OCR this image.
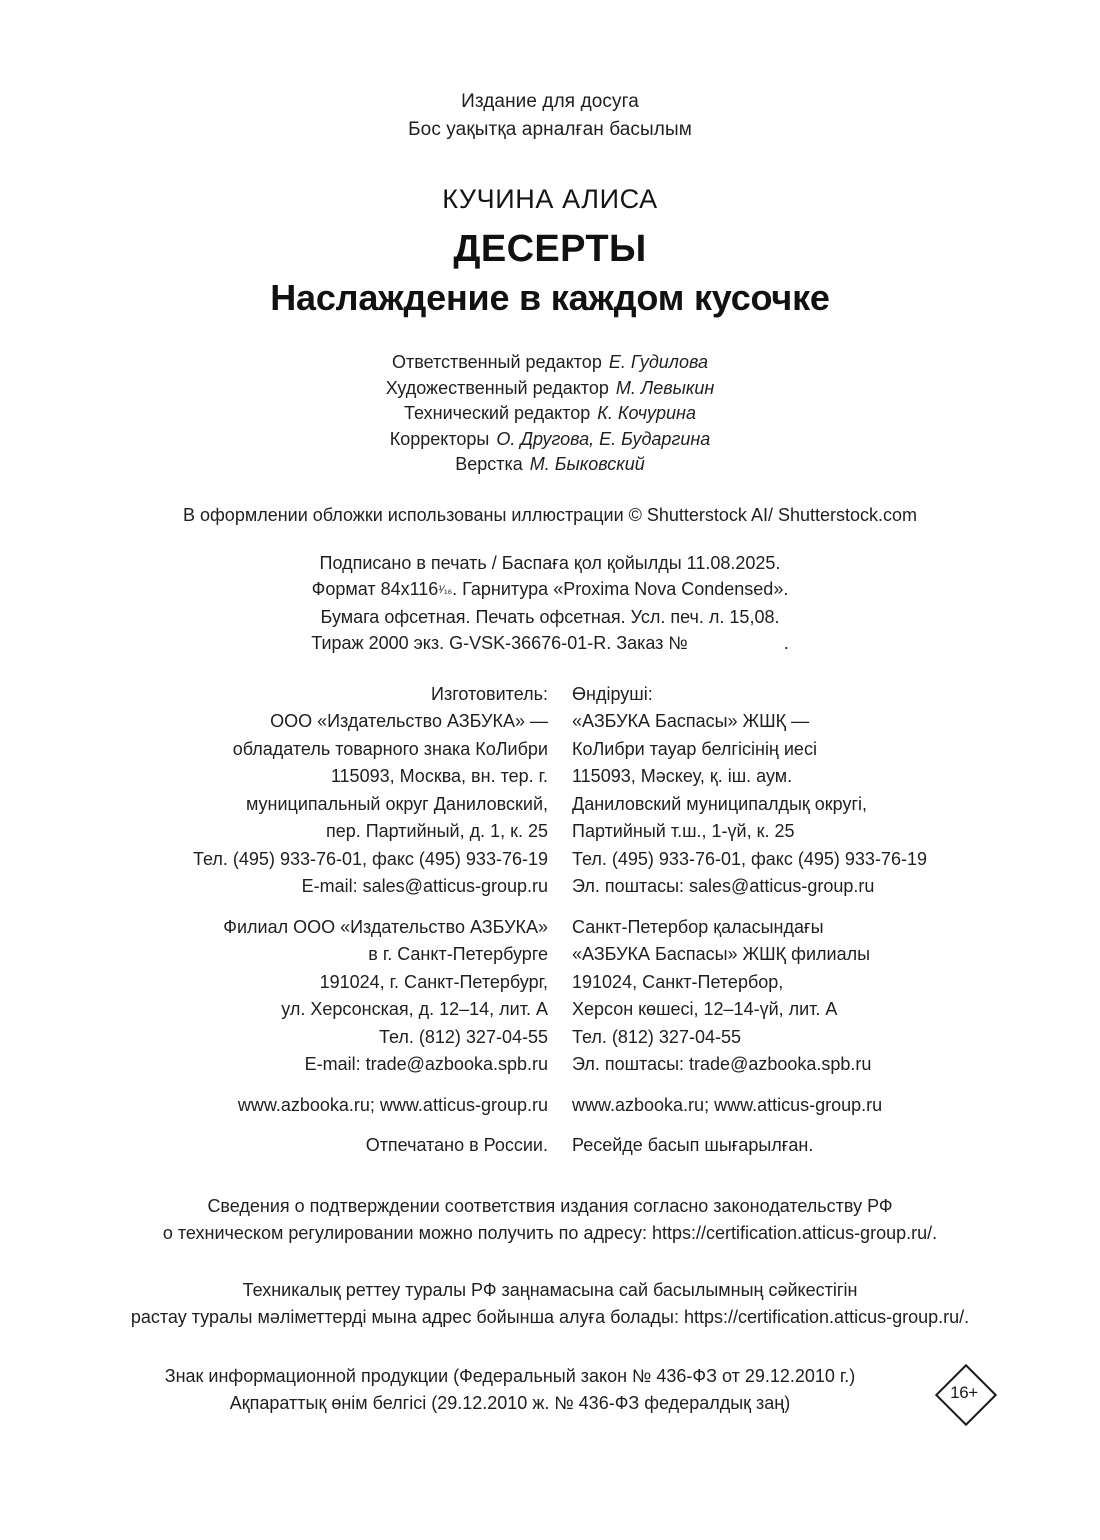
Издание для досуга
Бос уақытқа арналған басылым
КУЧИНА АЛИСА
ДЕСЕРТЫ
Наслаждение в каждом кусочке
Ответственный редактор Е. Гудилова
Художественный редактор М. Левыкин
Технический редактор К. Кочурина
Корректоры О. Другова, Е. Бударгина
Верстка М. Быковский
В оформлении обложки использованы иллюстрации © Shutterstock AI/ Shutterstock.com
Подписано в печать / Баспаға қол қойылды 11.08.2025.
Формат 84x116¹⁄₁₆. Гарнитура «Proxima Nova Condensed».
Бумага офсетная. Печать офсетная. Усл. печ. л. 15,08.
Тираж 2000 экз. G-VSK-36676-01-R. Заказ №	.
Изготовитель:
ООО «Издательство АЗБУКА» —
обладатель товарного знака КоЛибри
115093, Москва, вн. тер. г.
муниципальный округ Даниловский,
пер. Партийный, д. 1, к. 25
Тел. (495) 933-76-01, факс (495) 933-76-19
E-mail: sales@atticus-group.ru
Өндіруші:
«АЗБУКА Баспасы» ЖШҚ —
КоЛибри тауар белгісінің иесі
115093, Мәскеу, қ. іш. аум.
Даниловский муниципалдық округі,
Партийный т.ш., 1-үй, к. 25
Тел. (495) 933-76-01, факс (495) 933-76-19
Эл. поштасы: sales@atticus-group.ru
Филиал ООО «Издательство АЗБУКА»
в г. Санкт-Петербурге
191024, г. Санкт-Петербург,
ул. Херсонская, д. 12–14, лит. А
Тел. (812) 327-04-55
E-mail: trade@azbooka.spb.ru
www.azbooka.ru; www.atticus-group.ru
Санкт-Петербор қаласындағы
«АЗБУКА Баспасы» ЖШҚ филиалы
191024, Санкт-Петербор,
Херсон көшесі, 12–14-үй, лит. А
Тел. (812) 327-04-55
Эл. поштасы: trade@azbooka.spb.ru
www.azbooka.ru; www.atticus-group.ru
Отпечатано в России.	Ресейде басып шығарылған.
Сведения о подтверждении соответствия издания согласно законодательству РФ
о техническом регулировании можно получить по адресу: https://certification.atticus-group.ru/.
Техникалық реттеу туралы РФ заңнамасына сай басылымның сәйкестігін
растау туралы мәліметтерді мына адрес бойынша алуға болады: https://certification.atticus-group.ru/.
Знак информационной продукции (Федеральный закон № 436-ФЗ от 29.12.2010 г.)
Ақпараттық өнім белгісі (29.12.2010 ж. № 436-ФЗ федералдық заң)
16+
